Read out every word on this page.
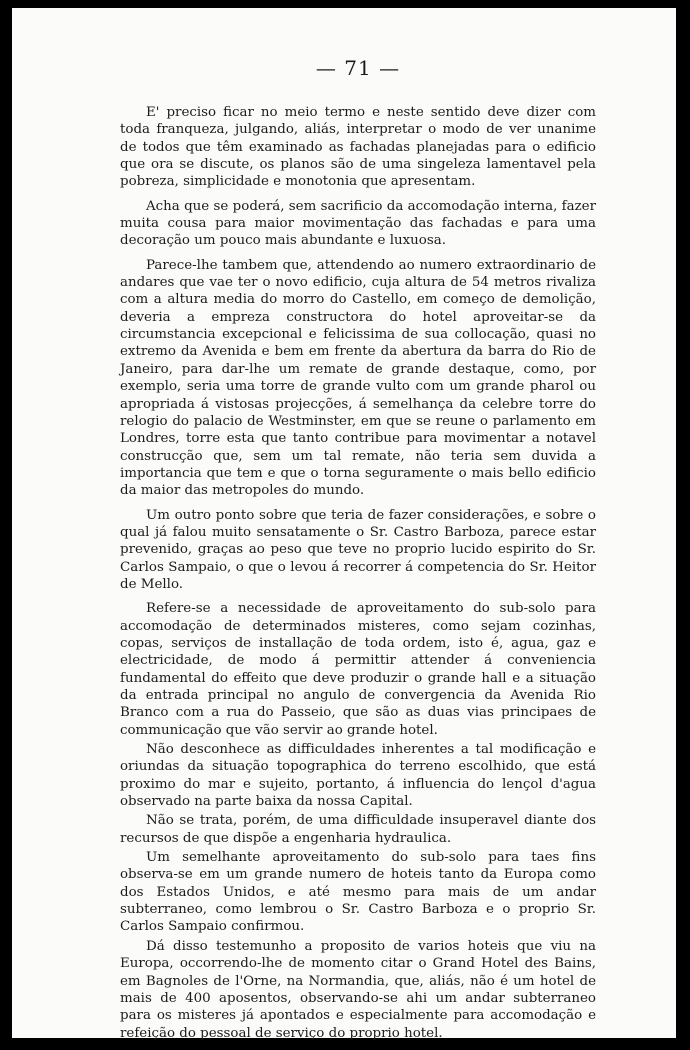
— 71 —

E' preciso ficar no meio termo e neste sentido deve dizer com toda franqueza, julgando, aliás, interpretar o modo de ver unanime de todos que têm examinado as fachadas planejadas para o edificio que ora se discute, os planos são de uma singeleza lamentavel pela pobreza, simplicidade e monotonia que apresentam.

Acha que se poderá, sem sacrificio da accomodação interna, fazer muita cousa para maior movimentação das fachadas e para uma decoração um pouco mais abundante e luxuosa.

Parece-lhe tambem que, attendendo ao numero extraordinario de andares que vae ter o novo edificio, cuja altura de 54 metros rivaliza com a altura media do morro do Castello, em começo de demolição, deveria a empreza constructora do hotel aproveitar-se da circumstancia excepcional e felicissima de sua collocação, quasi no extremo da Avenida e bem em frente da abertura da barra do Rio de Janeiro, para dar-lhe um remate de grande destaque, como, por exemplo, seria uma torre de grande vulto com um grande pharol ou apropriada á vistosas projecções, á semelhança da celebre torre do relogio do palacio de Westminster, em que se reune o parlamento em Londres, torre esta que tanto contribue para movimentar a notavel construcção que, sem um tal remate, não teria sem duvida a importancia que tem e que o torna seguramente o mais bello edificio da maior das metropoles do mundo.

Um outro ponto sobre que teria de fazer considerações, e sobre o qual já falou muito sensatamente o Sr. Castro Barboza, parece estar prevenido, graças ao peso que teve no proprio lucido espirito do Sr. Carlos Sampaio, o que o levou á recorrer á competencia do Sr. Heitor de Mello.

Refere-se a necessidade de aproveitamento do sub-solo para accomodação de determinados misteres, como sejam cozinhas, copas, serviços de installação de toda ordem, isto é, agua, gaz e electricidade, de modo á permittir attender á conveniencia fundamental do effeito que deve produzir o grande hall e a situação da entrada principal no angulo de convergencia da Avenida Rio Branco com a rua do Passeio, que são as duas vias principaes de communicação que vão servir ao grande hotel.

Não desconhece as difficuldades inherentes a tal modificação e oriundas da situação topographica do terreno escolhido, que está proximo do mar e sujeito, portanto, á influencia do lençol d'agua observado na parte baixa da nossa Capital.

Não se trata, porém, de uma difficuldade insuperavel diante dos recursos de que dispõe a engenharia hydraulica.

Um semelhante aproveitamento do sub-solo para taes fins observa-se em um grande numero de hoteis tanto da Europa como dos Estados Unidos, e até mesmo para mais de um andar subterraneo, como lembrou o Sr. Castro Barboza e o proprio Sr. Carlos Sampaio confirmou.

Dá disso testemunho a proposito de varios hoteis que viu na Europa, occorrendo-lhe de momento citar o Grand Hotel des Bains, em Bagnoles de l'Orne, na Normandia, que, aliás, não é um hotel de mais de 400 aposentos, observando-se ahi um andar subterraneo para os misteres já apontados e especialmente para accomodação e refeição do pessoal de serviço do proprio hotel.
